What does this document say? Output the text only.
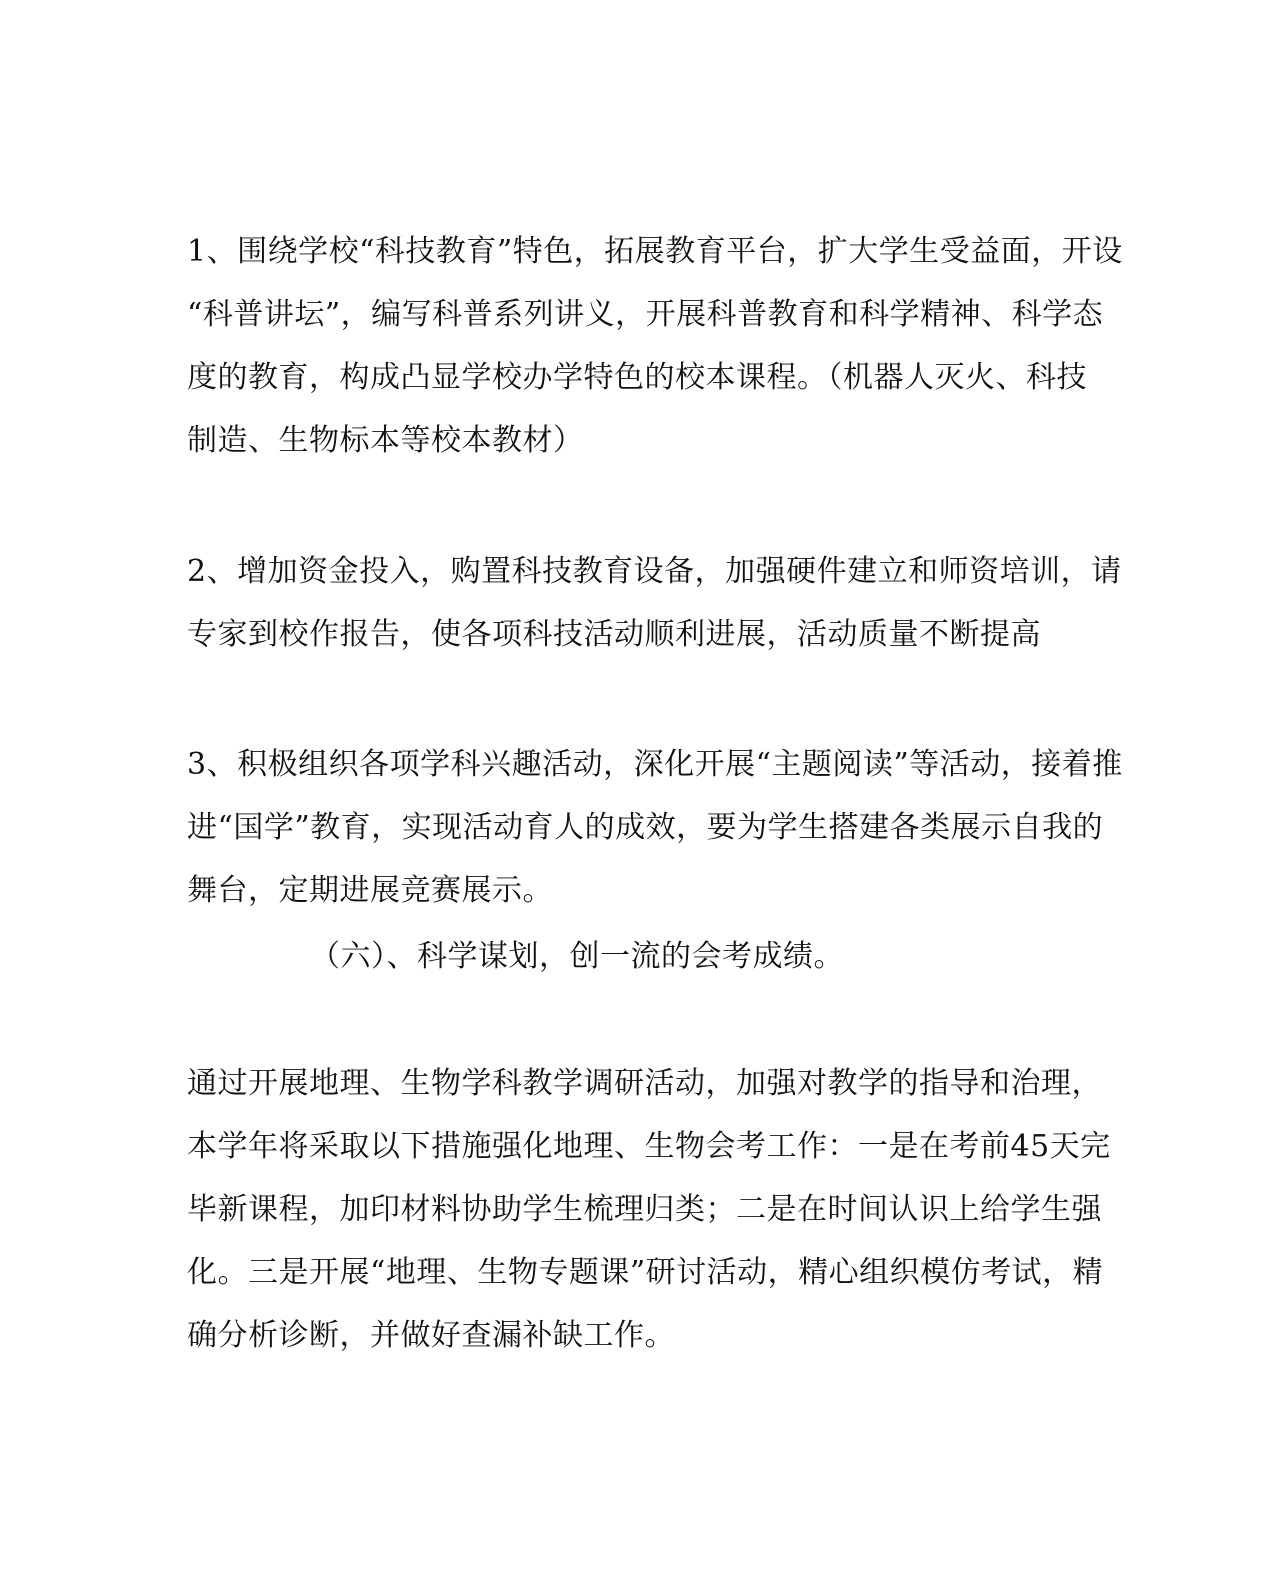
1、围绕学校“科技教育”特色，拓展教育平台，扩大学生受益面，开设
“科普讲坛”，编写科普系列讲义，开展科普教育和科学精神、科学态
度的教育，构成凸显学校办学特色的校本课程。（机器人灭火、科技
制造、生物标本等校本教材）

2、增加资金投入，购置科技教育设备，加强硬件建立和师资培训，请
专家到校作报告，使各项科技活动顺利进展，活动质量不断提高

3、积极组织各项学科兴趣活动，深化开展“主题阅读”等活动，接着推
进“国学”教育，实现活动育人的成效，要为学生搭建各类展示自我的
舞台，定期进展竞赛展示。

（六）、科学谋划，创一流的会考成绩。

通过开展地理、生物学科教学调研活动，加强对教学的指导和治理，
本学年将采取以下措施强化地理、生物会考工作：一是在考前45天完
毕新课程，加印材料协助学生梳理归类；二是在时间认识上给学生强
化。三是开展“地理、生物专题课”研讨活动，精心组织模仿考试，精
确分析诊断，并做好查漏补缺工作。
